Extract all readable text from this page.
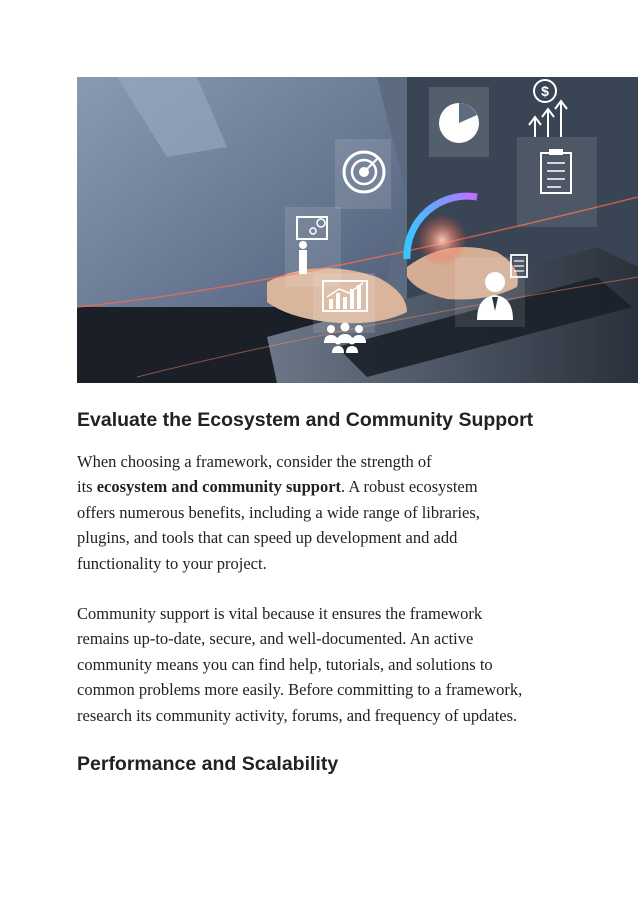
$
Evaluate the Ecosystem and Community Support

When choosing a framework, consider the strength of
its ecosystem and community support. A robust ecosystem
offers numerous benefits, including a wide range of libraries,
plugins, and tools that can speed up development and add
functionality to your project.

Community support is vital because it ensures the framework
remains up-to-date, secure, and well-documented. An active
community means you can find help, tutorials, and solutions to
common problems more easily. Before committing to a framework,
research its community activity, forums, and frequency of updates.

Performance and Scalability
